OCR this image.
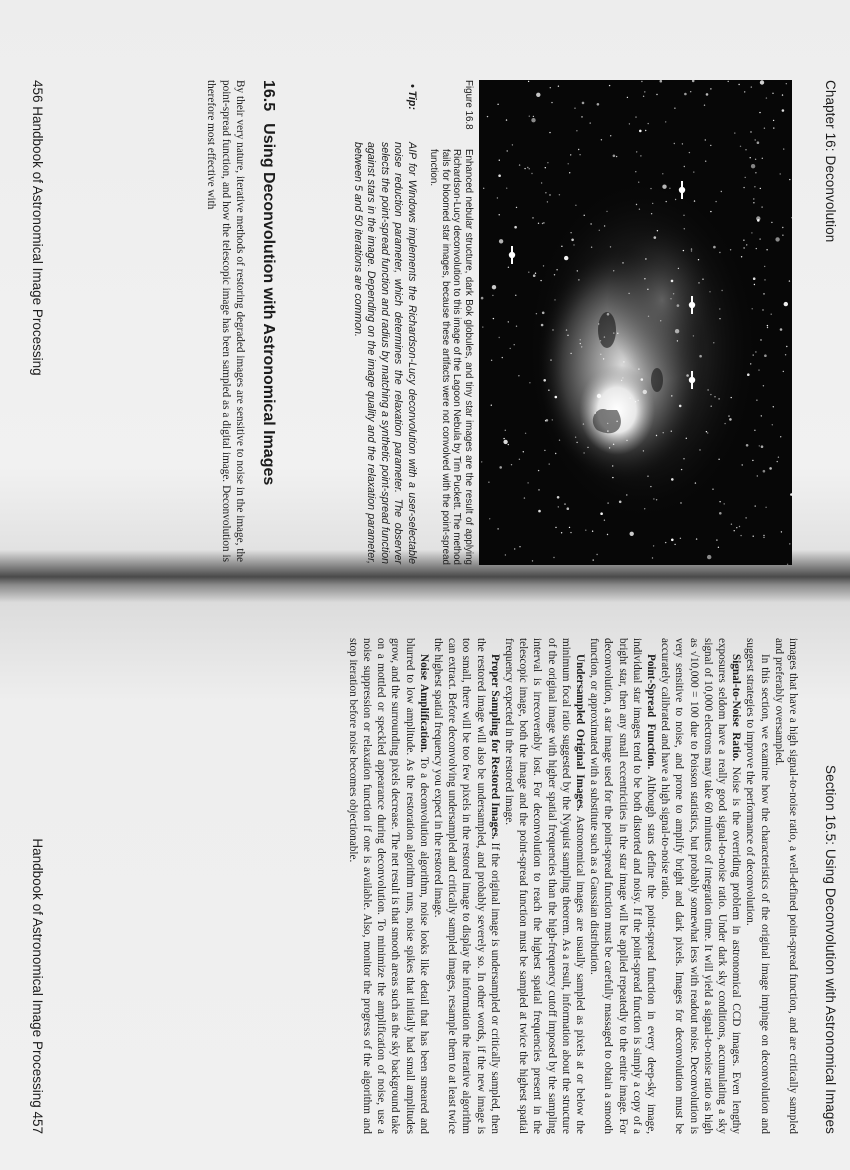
Chapter 16: Deconvolution
Figure 16.8
Enhanced nebular structure, dark Bok globules, and tiny star images are the result of applying Richardson-Lucy deconvolution to this image of the Lagoon Nebula by Tim Puckett. The method fails for bloomed star images, because these artifacts were not convolved with the point-spread function.
• Tip:
AIP for Windows implements the Richardson-Lucy deconvolution with a user-selectable noise reduction parameter, which determines the relaxation parameter. The observer selects the point-spread function and radius by matching a synthetic point-spread function against stars in the image. Depending on the image quality and the relaxation parameter, between 5 and 50 iterations are common.
16.5Using Deconvolution with Astronomical Images

By their very nature, iterative methods of restoring degraded images are sensitive to noise in the image, the point-spread function, and how the telescopic image has been sampled as a digital image. Deconvolution is therefore most effective with

456 Handbook of Astronomical Image Processing
Section 16.5: Using Deconvolution with Astronomical Images

images that have a high signal-to-noise ratio, a well-defined point-spread function, and are critically sampled and preferably oversampled.

In this section, we examine how the characteristics of the original image impinge on deconvolution and suggest strategies to improve the performance of deconvolution.

Signal-to-Noise Ratio. Noise is the overriding problem in astronomical CCD images. Even lengthy exposures seldom have a really good signal-to-noise ratio. Under dark sky conditions, accumulating a sky signal of 10,000 electrons may take 60 minutes of integration time. It will yield a signal-to-noise ratio as high as √10,000 = 100 due to Poisson statistics, but probably somewhat less with readout noise. Deconvolution is very sensitive to noise, and prone to amplify bright and dark pixels. Images for deconvolution must be accurately calibrated and have a high signal-to-noise ratio.

Point-Spread Function. Although stars define the point-spread function in every deep-sky image, individual star images tend to be both distorted and noisy. If the point-spread function is simply a copy of a bright star, then any small eccentricities in the star image will be applied repeatedly to the entire image. For deconvolution, a star image used for the point-spread function must be carefully massaged to obtain a smooth function, or approximated with a substitute such as a Gaussian distribution.

Undersampled Original Images. Astronomical images are usually sampled as pixels at or below the minimum focal ratio suggested by the Nyquist sampling theorem. As a result, information about the structure of the original image with higher spatial frequencies than the high-frequency cutoff imposed by the sampling interval is irrecoverably lost. For deconvolution to reach the highest spatial frequencies present in the telescopic image, both the image and the point-spread function must be sampled at twice the highest spatial frequency expected in the restored image.

Proper Sampling for Restored Images. If the original image is undersampled or critically sampled, then the restored image will also be undersampled, and probably severely so. In other words, if the new image is too small, there will be too few pixels in the restored image to display the information the iterative algorithm can extract. Before deconvolving undersampled and critically sampled images, resample them to at least twice the highest spatial frequency you expect in the restored image.

Noise Amplification. To a deconvolution algorithm, noise looks like detail that has been smeared and blurred to low amplitude. As the restoration algorithm runs, noise spikes that initially had small amplitudes grow, and the surrounding pixels decrease. The net result is that smooth areas such as the sky background take on a mottled or speckled appearance during deconvolution. To minimize the amplification of noise, use a noise suppression or relaxation function if one is available. Also, monitor the progress of the algorithm and stop iteration before noise becomes objectionable.

Handbook of Astronomical Image Processing 457
